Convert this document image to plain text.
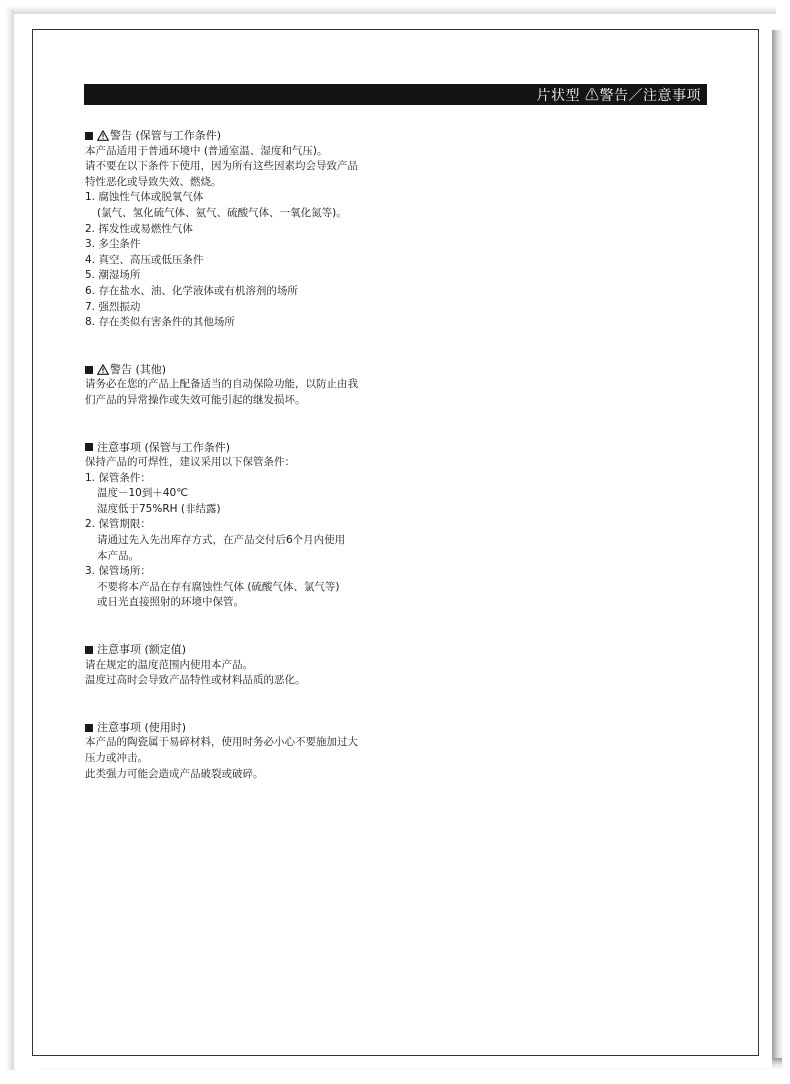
片状型 ⚠警告／注意事项
警告 (保管与工作条件)
本产品适用于普通环境中 (普通室温、湿度和气压)。
请不要在以下条件下使用，因为所有这些因素均会导致产品
特性恶化或导致失效、燃烧。
1. 腐蚀性气体或脱氧气体
(氯气、氢化硫气体、氨气、硫酸气体、一氧化氮等)。
2. 挥发性或易燃性气体
3. 多尘条件
4. 真空、高压或低压条件
5. 潮湿场所
6. 存在盐水、油、化学液体或有机溶剂的场所
7. 强烈振动
8. 存在类似有害条件的其他场所
警告 (其他)
请务必在您的产品上配备适当的自动保险功能，以防止由我
们产品的异常操作或失效可能引起的继发损坏。
注意事项 (保管与工作条件)
保持产品的可焊性，建议采用以下保管条件：
1. 保管条件：
温度－10到＋40℃
湿度低于75%RH (非结露)
2. 保管期限：
请通过先入先出库存方式，在产品交付后6个月内使用
本产品。
3. 保管场所：
不要将本产品在存有腐蚀性气体 (硫酸气体、氯气等)
或日光直接照射的环境中保管。
注意事项 (额定值)
请在规定的温度范围内使用本产品。
温度过高时会导致产品特性或材料品质的恶化。
注意事项 (使用时)
本产品的陶瓷属于易碎材料，使用时务必小心不要施加过大
压力或冲击。
此类强力可能会造成产品破裂或破碎。
